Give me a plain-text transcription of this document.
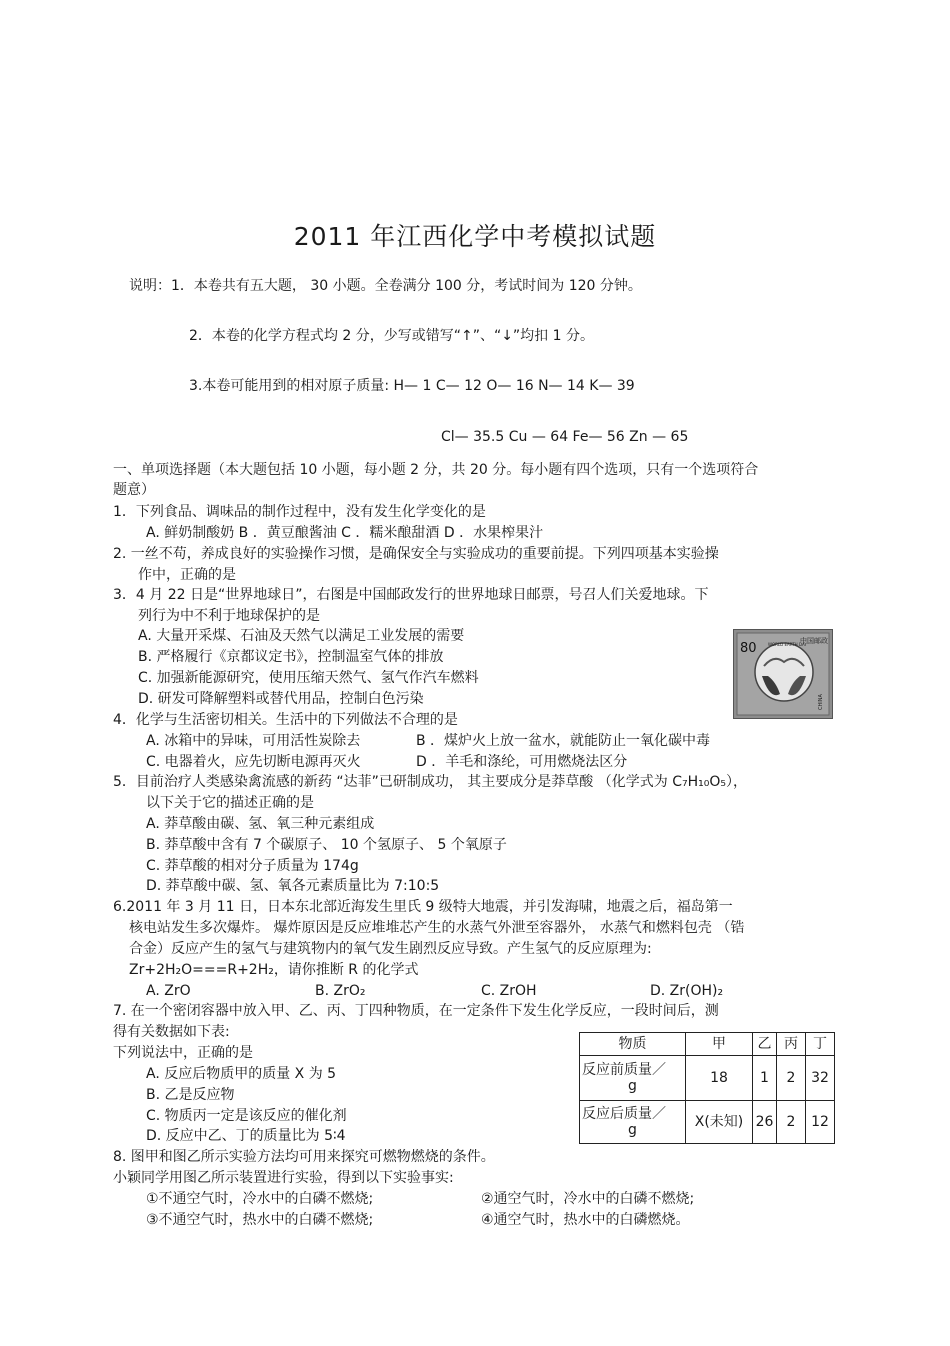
2011 年江西化学中考模拟试题
说明：1．本卷共有五大题， 30 小题。全卷满分 100 分，考试时间为 120 分钟。
2．本卷的化学方程式均 2 分，少写或错写“↑”、“↓”均扣 1 分。
3.本卷可能用到的相对原子质量: H— 1 C— 12 O— 16 N— 14 K— 39
Cl— 35.5 Cu — 64 Fe— 56 Zn — 65
一、单项选择题（本大题包括 10 小题，每小题 2 分，共 20 分。每小题有四个选项，只有一个选项符合
题意）
1．下列食品、调味品的制作过程中，没有发生化学变化的是
A. 鲜奶制酸奶 B ．黄豆酿酱油 C ．糯米酿甜酒 D ．水果榨果汁
2. 一丝不苟，养成良好的实验操作习惯，是确保安全与实验成功的重要前提。下列四项基本实验操
作中，正确的是
3．4 月 22 日是“世界地球日”，右图是中国邮政发行的世界地球日邮票，号召人们关爱地球。下
列行为中不利于地球保护的是
A. 大量开采煤、石油及天然气以满足工业发展的需要
B. 严格履行《京都议定书》，控制温室气体的排放
C. 加强新能源研究，使用压缩天然气、氢气作汽车燃料
D. 研发可降解塑料或替代用品，控制白色污染
80	中国邮政
WORLD EARTH DAY
CHINA
4．化学与生活密切相关。生活中的下列做法不合理的是
A. 冰箱中的异味，可用活性炭除去	B ．煤炉火上放一盆水，就能防止一氧化碳中毒
C. 电器着火，应先切断电源再灭火	D ．羊毛和涤纶，可用燃烧法区分
5．目前治疗人类感染禽流感的新药 “达菲”已研制成功， 其主要成分是莽草酸 （化学式为 C₇H₁₀O₅），
以下关于它的描述正确的是
A. 莽草酸由碳、氢、氧三种元素组成
B. 莽草酸中含有 7 个碳原子、 10 个氢原子、 5 个氧原子
C. 莽草酸的相对分子质量为 174g
D. 莽草酸中碳、氢、氧各元素质量比为 7:10:5
6.2011 年 3 月 11 日，日本东北部近海发生里氏 9 级特大地震，并引发海啸，地震之后，福岛第一
核电站发生多次爆炸。 爆炸原因是反应堆堆芯产生的水蒸气外泄至容器外， 水蒸气和燃料包壳 （锆
合金）反应产生的氢气与建筑物内的氧气发生剧烈反应导致。产生氢气的反应原理为:
Zr+2H₂O===R+2H₂，请你推断 R 的化学式
A. ZrO	B. ZrO₂	C. ZrOH	D. Zr(OH)₂
7. 在一个密闭容器中放入甲、乙、丙、丁四种物质，在一定条件下发生化学反应，一段时间后，测
得有关数据如下表:
下列说法中，正确的是
A. 反应后物质甲的质量 X 为 5
B. 乙是反应物
C. 物质丙一定是该反应的催化剂
D. 反应中乙、丁的质量比为 5∶4
物质	甲	乙	丙	丁
反应前质量／

g	18	1	2	32
反应后质量／

g	X(未知)	26	2	12
8. 图甲和图乙所示实验方法均可用来探究可燃物燃烧的条件。
小颖同学用图乙所示装置进行实验，得到以下实验事实:
①不通空气时，冷水中的白磷不燃烧;	②通空气时，冷水中的白磷不燃烧;
③不通空气时，热水中的白磷不燃烧;	④通空气时，热水中的白磷燃烧。
